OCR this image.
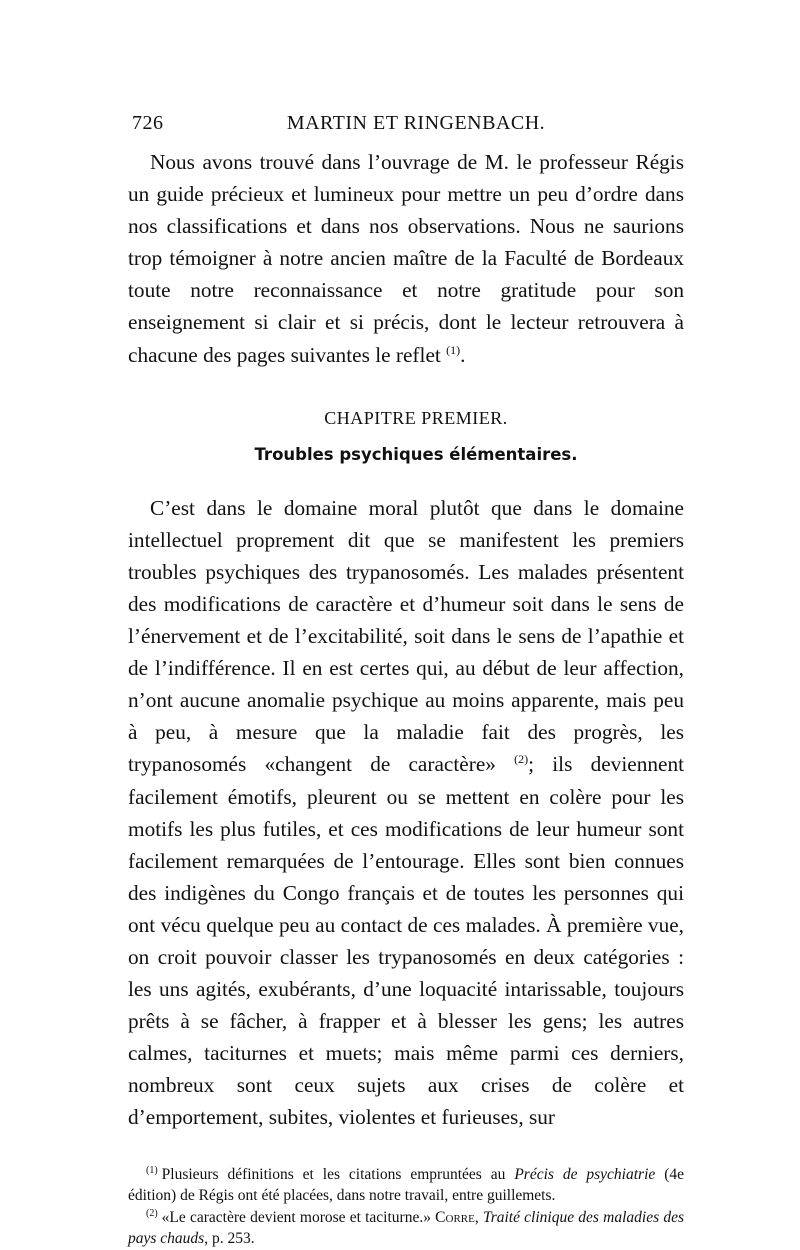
726	MARTIN ET RINGENBACH.

Nous avons trouvé dans l’ouvrage de M. le professeur Régis un guide précieux et lumineux pour mettre un peu d’ordre dans nos classifications et dans nos observations. Nous ne saurions trop témoigner à notre ancien maître de la Faculté de Bordeaux toute notre reconnaissance et notre gratitude pour son enseignement si clair et si précis, dont le lecteur retrouvera à chacune des pages suivantes le reflet $^{(1)}$.

CHAPITRE PREMIER.
Troubles psychiques élémentaires.

C’est dans le domaine moral plutôt que dans le domaine intellectuel proprement dit que se manifestent les premiers troubles psychiques des trypanosomés. Les malades présentent des modifications de caractère et d’humeur soit dans le sens de l’énervement et de l’excitabilité, soit dans le sens de l’apathie et de l’indifférence. Il en est certes qui, au début de leur affection, n’ont aucune anomalie psychique au moins apparente, mais peu à peu, à mesure que la maladie fait des progrès, les trypanosomés «changent de caractère» $^{(2)}$; ils deviennent facilement émotifs, pleurent ou se mettent en colère pour les motifs les plus futiles, et ces modifications de leur humeur sont facilement remarquées de l’entourage. Elles sont bien connues des indigènes du Congo français et de toutes les personnes qui ont vécu quelque peu au contact de ces malades. À première vue, on croit pouvoir classer les trypanosomés en deux catégories : les uns agités, exubérants, d’une loquacité intarissable, toujours prêts à se fâcher, à frapper et à blesser les gens; les autres calmes, taciturnes et muets; mais même parmi ces derniers, nombreux sont ceux sujets aux crises de colère et d’emportement, subites, violentes et furieuses, sur

$^{(1)}$ Plusieurs définitions et les citations empruntées au Précis de psychiatrie (4e édition) de Régis ont été placées, dans notre travail, entre guillemets.

$^{(2)}$ «Le caractère devient morose et taciturne.» Corre, Traité clinique des maladies des pays chauds, p. 253.
